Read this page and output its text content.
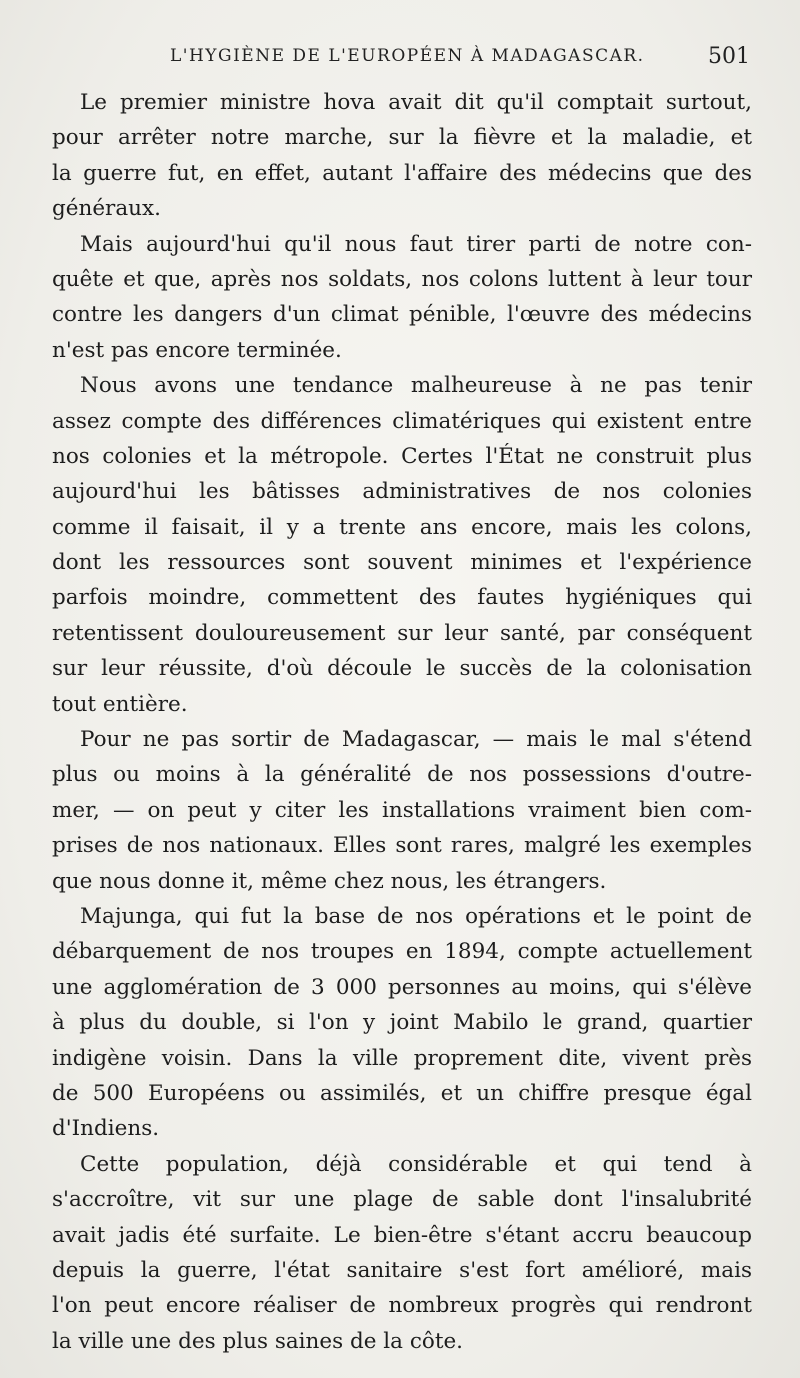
L'HYGIÈNE DE L'EUROPÉEN À MADAGASCAR.	501
Le premier ministre hova avait dit qu'il comptait surtout,
pour arrêter notre marche, sur la fièvre et la maladie, et
la guerre fut, en effet, autant l'affaire des médecins que des
généraux.
Mais aujourd'hui qu'il nous faut tirer parti de notre con-
quête et que, après nos soldats, nos colons luttent à leur tour
contre les dangers d'un climat pénible, l'œuvre des médecins
n'est pas encore terminée.
Nous avons une tendance malheureuse à ne pas tenir
assez compte des différences climatériques qui existent entre
nos colonies et la métropole. Certes l'État ne construit plus
aujourd'hui les bâtisses administratives de nos colonies
comme il faisait, il y a trente ans encore, mais les colons,
dont les ressources sont souvent minimes et l'expérience
parfois moindre, commettent des fautes hygiéniques qui
retentissent douloureusement sur leur santé, par conséquent
sur leur réussite, d'où découle le succès de la colonisation
tout entière.
Pour ne pas sortir de Madagascar, — mais le mal s'étend
plus ou moins à la généralité de nos possessions d'outre-
mer, — on peut y citer les installations vraiment bien com-
prises de nos nationaux. Elles sont rares, malgré les exemples
que nous donne it, même chez nous, les étrangers.
Majunga, qui fut la base de nos opérations et le point de
débarquement de nos troupes en 1894, compte actuellement
une agglomération de 3 000 personnes au moins, qui s'élève
à plus du double, si l'on y joint Mabilo le grand, quartier
indigène voisin. Dans la ville proprement dite, vivent près
de 500 Européens ou assimilés, et un chiffre presque égal
d'Indiens.
Cette population, déjà considérable et qui tend à
s'accroître, vit sur une plage de sable dont l'insalubrité
avait jadis été surfaite. Le bien-être s'étant accru beaucoup
depuis la guerre, l'état sanitaire s'est fort amélioré, mais
l'on peut encore réaliser de nombreux progrès qui rendront
la ville une des plus saines de la côte.
